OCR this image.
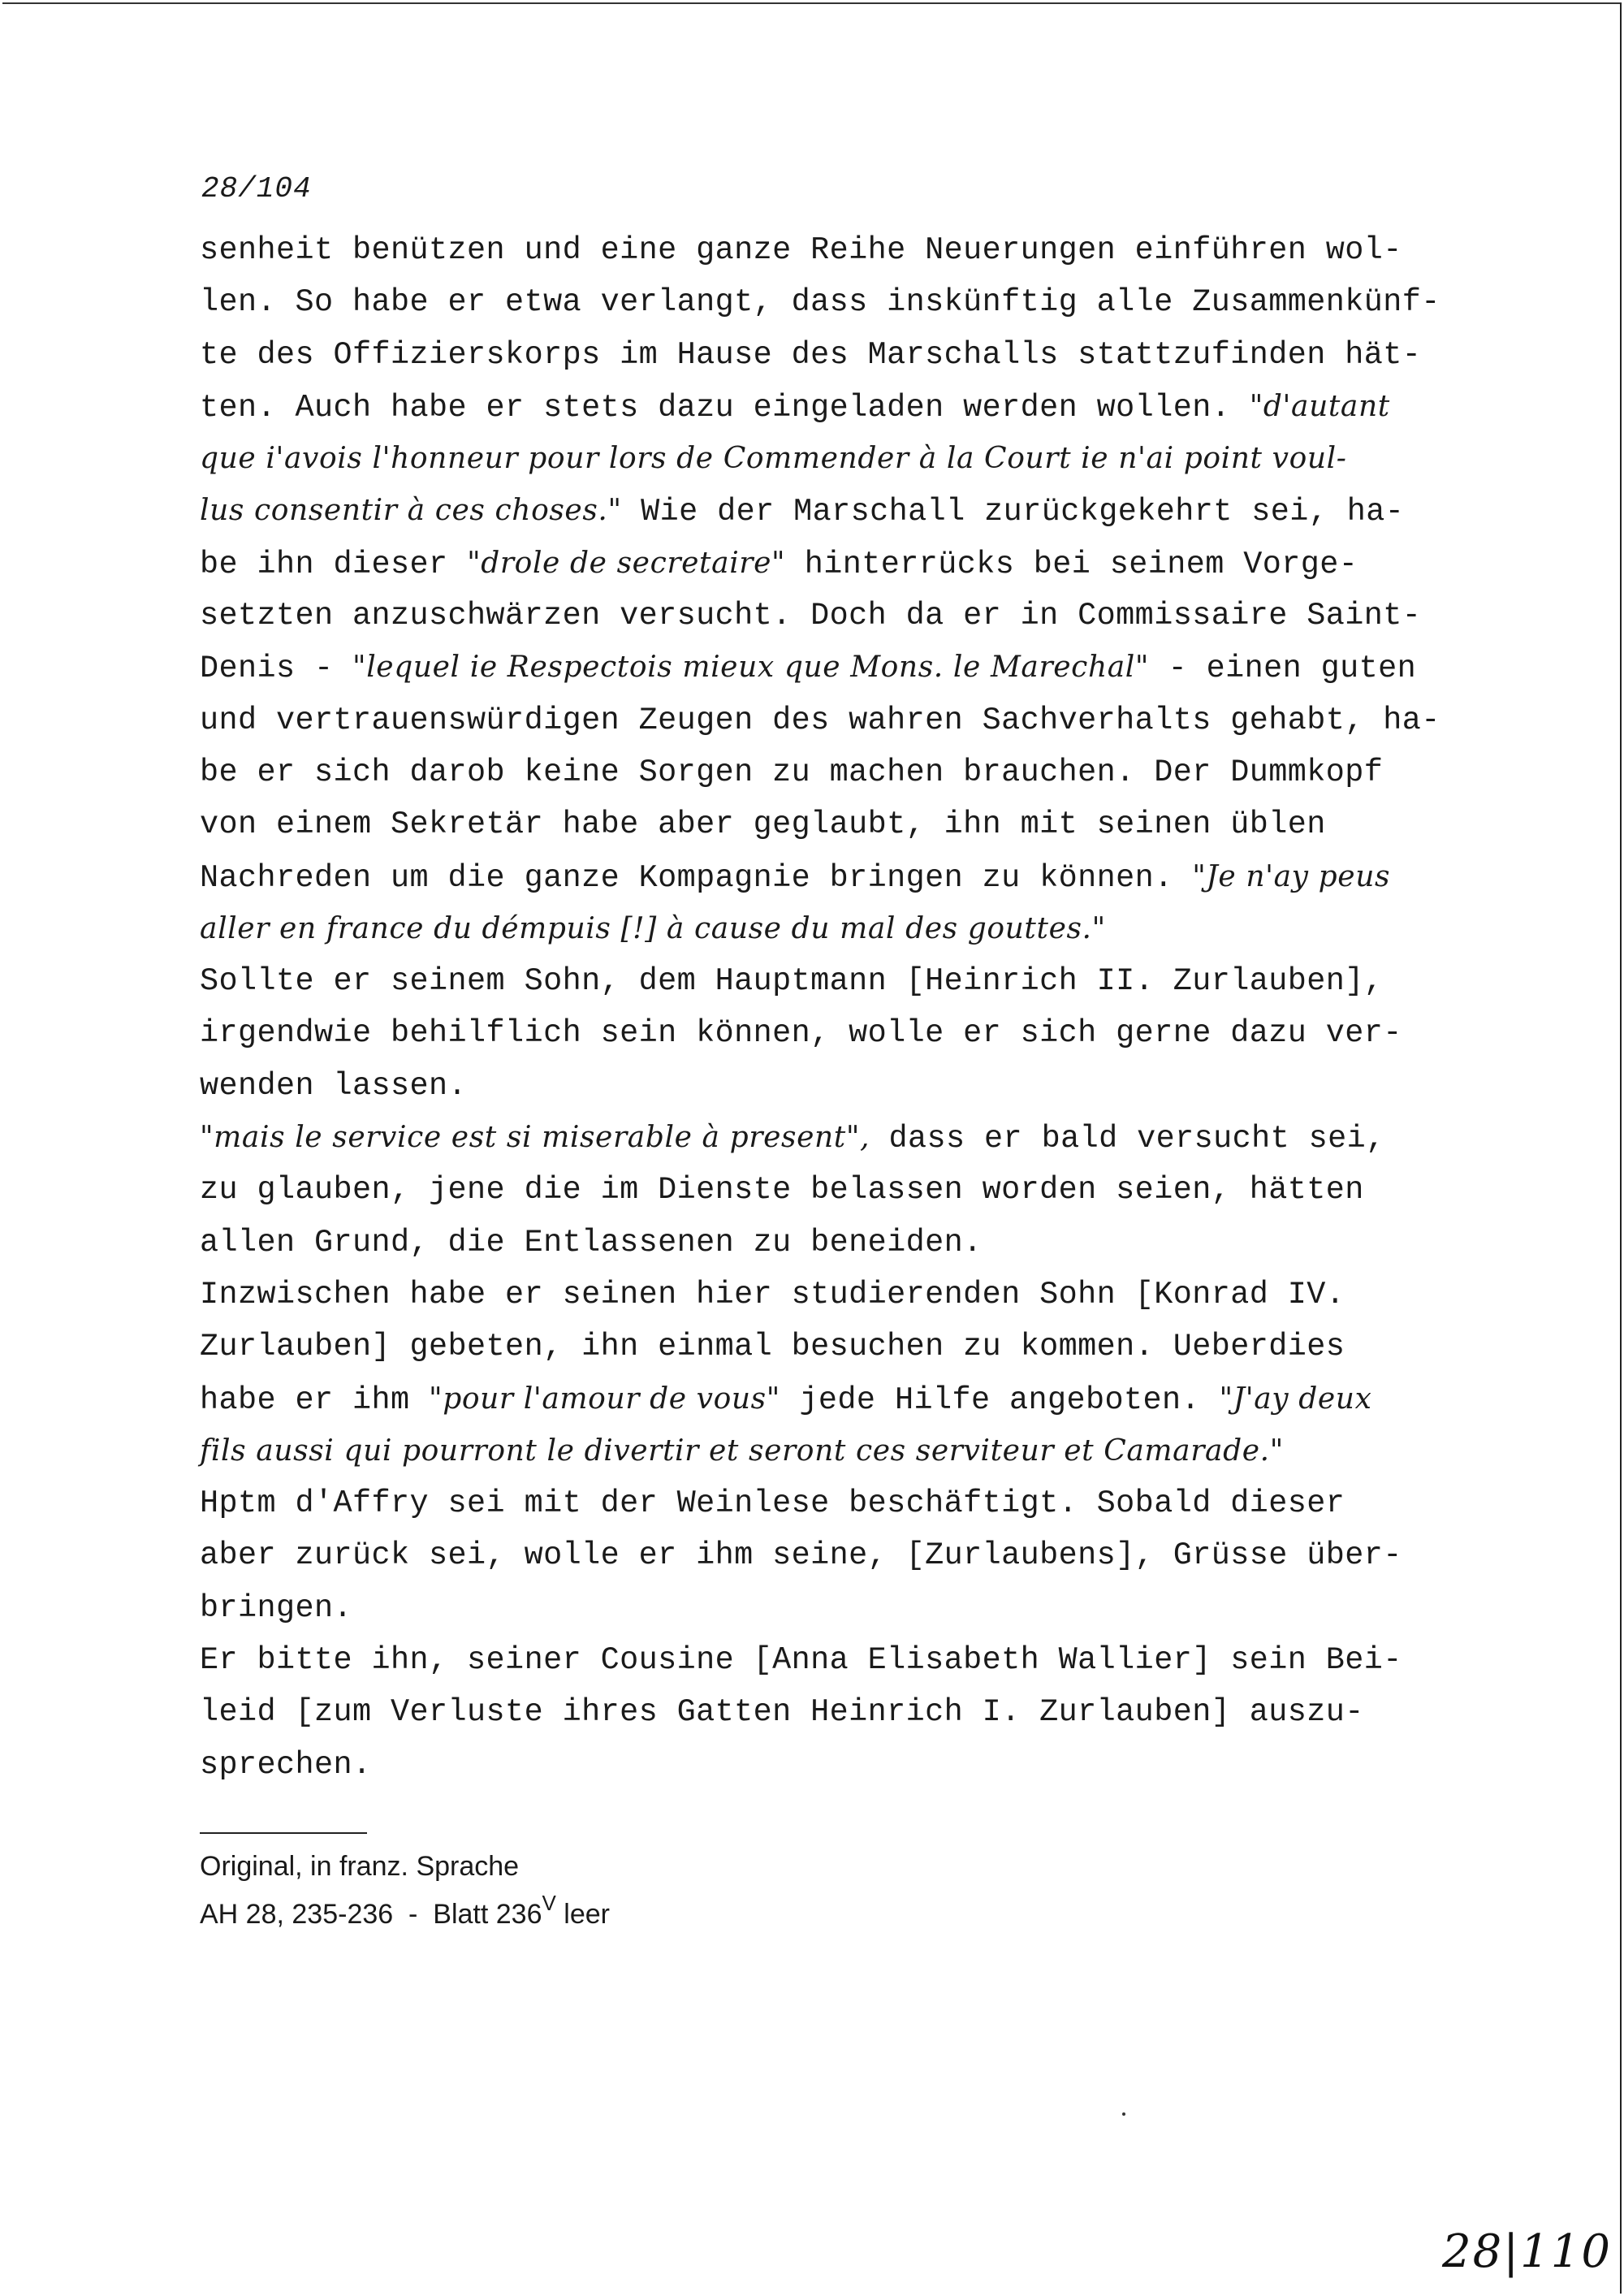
28/104
senheit benützen und eine ganze Reihe Neuerungen einführen wol-
len. So habe er etwa verlangt, dass inskünftig alle Zusammenkünf-
te des Offizierskorps im Hause des Marschalls stattzufinden hät-
ten. Auch habe er stets dazu eingeladen werden wollen. "d'autant
que i'avois l'honneur pour lors de Commender à la Court ie n'ai point voul-
lus consentir à ces choses." Wie der Marschall zurückgekehrt sei, ha-
be ihn dieser "drole de secretaire" hinterrücks bei seinem Vorge-
setzten anzuschwärzen versucht. Doch da er in Commissaire Saint-
Denis - "lequel ie Respectois mieux que Mons. le Marechal" - einen guten
und vertrauenswürdigen Zeugen des wahren Sachverhalts gehabt, ha-
be er sich darob keine Sorgen zu machen brauchen. Der Dummkopf
von einem Sekretär habe aber geglaubt, ihn mit seinen üblen
Nachreden um die ganze Kompagnie bringen zu können. "Je n'ay peus
aller en france du démpuis [!] à cause du mal des gouttes."
Sollte er seinem Sohn, dem Hauptmann [Heinrich II. Zurlauben],
irgendwie behilflich sein können, wolle er sich gerne dazu ver-
wenden lassen.
"mais le service est si miserable à present", dass er bald versucht sei,
zu glauben, jene die im Dienste belassen worden seien, hätten
allen Grund, die Entlassenen zu beneiden.
Inzwischen habe er seinen hier studierenden Sohn [Konrad IV.
Zurlauben] gebeten, ihn einmal besuchen zu kommen. Ueberdies
habe er ihm "pour l'amour de vous" jede Hilfe angeboten. "J'ay deux
fils aussi qui pourront le divertir et seront ces serviteur et Camarade."
Hptm d'Affry sei mit der Weinlese beschäftigt. Sobald dieser
aber zurück sei, wolle er ihm seine, [Zurlaubens], Grüsse über-
bringen.
Er bitte ihn, seiner Cousine [Anna Elisabeth Wallier] sein Bei-
leid [zum Verluste ihres Gatten Heinrich I. Zurlauben] auszu-
sprechen.
Original, in franz. Sprache
AH 28, 235-236  -  Blatt $236^V$ leer
28|110
